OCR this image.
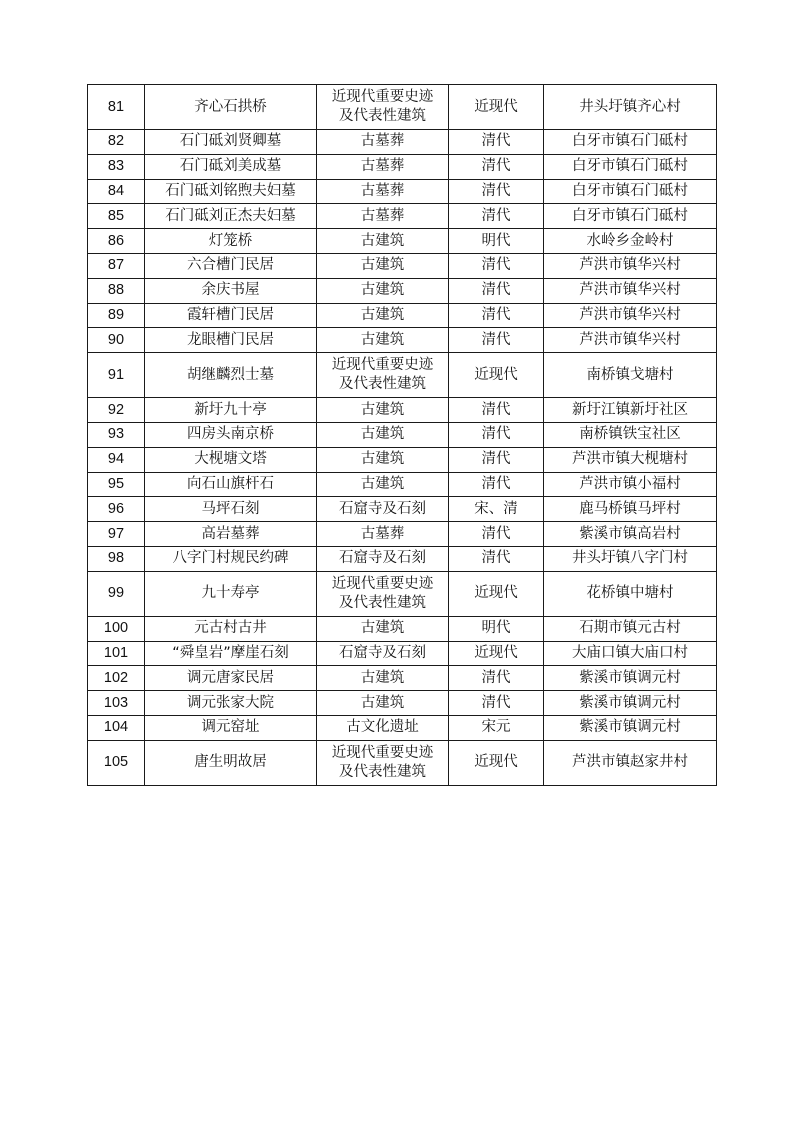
81	齐心石拱桥	近现代重要史迹
及代表性建筑	近现代	井头圩镇齐心村
82	石门砥刘贤卿墓	古墓葬	清代	白牙市镇石门砥村
83	石门砥刘美成墓	古墓葬	清代	白牙市镇石门砥村
84	石门砥刘铭煦夫妇墓	古墓葬	清代	白牙市镇石门砥村
85	石门砥刘正杰夫妇墓	古墓葬	清代	白牙市镇石门砥村
86	灯笼桥	古建筑	明代	水岭乡金岭村
87	六合槽门民居	古建筑	清代	芦洪市镇华兴村
88	余庆书屋	古建筑	清代	芦洪市镇华兴村
89	霞轩槽门民居	古建筑	清代	芦洪市镇华兴村
90	龙眼槽门民居	古建筑	清代	芦洪市镇华兴村
91	胡继麟烈士墓	近现代重要史迹
及代表性建筑	近现代	南桥镇戈塘村
92	新圩九十亭	古建筑	清代	新圩江镇新圩社区
93	四房头南京桥	古建筑	清代	南桥镇铁宝社区
94	大枧塘文塔	古建筑	清代	芦洪市镇大枧塘村
95	向石山旗杆石	古建筑	清代	芦洪市镇小福村
96	马坪石刻	石窟寺及石刻	宋、清	鹿马桥镇马坪村
97	高岩墓葬	古墓葬	清代	紫溪市镇高岩村
98	八字门村规民约碑	石窟寺及石刻	清代	井头圩镇八字门村
99	九十寿亭	近现代重要史迹
及代表性建筑	近现代	花桥镇中塘村
100	元古村古井	古建筑	明代	石期市镇元古村
101	“舜皇岩”摩崖石刻	石窟寺及石刻	近现代	大庙口镇大庙口村
102	调元唐家民居	古建筑	清代	紫溪市镇调元村
103	调元张家大院	古建筑	清代	紫溪市镇调元村
104	调元窑址	古文化遗址	宋元	紫溪市镇调元村
105	唐生明故居	近现代重要史迹
及代表性建筑	近现代	芦洪市镇赵家井村
